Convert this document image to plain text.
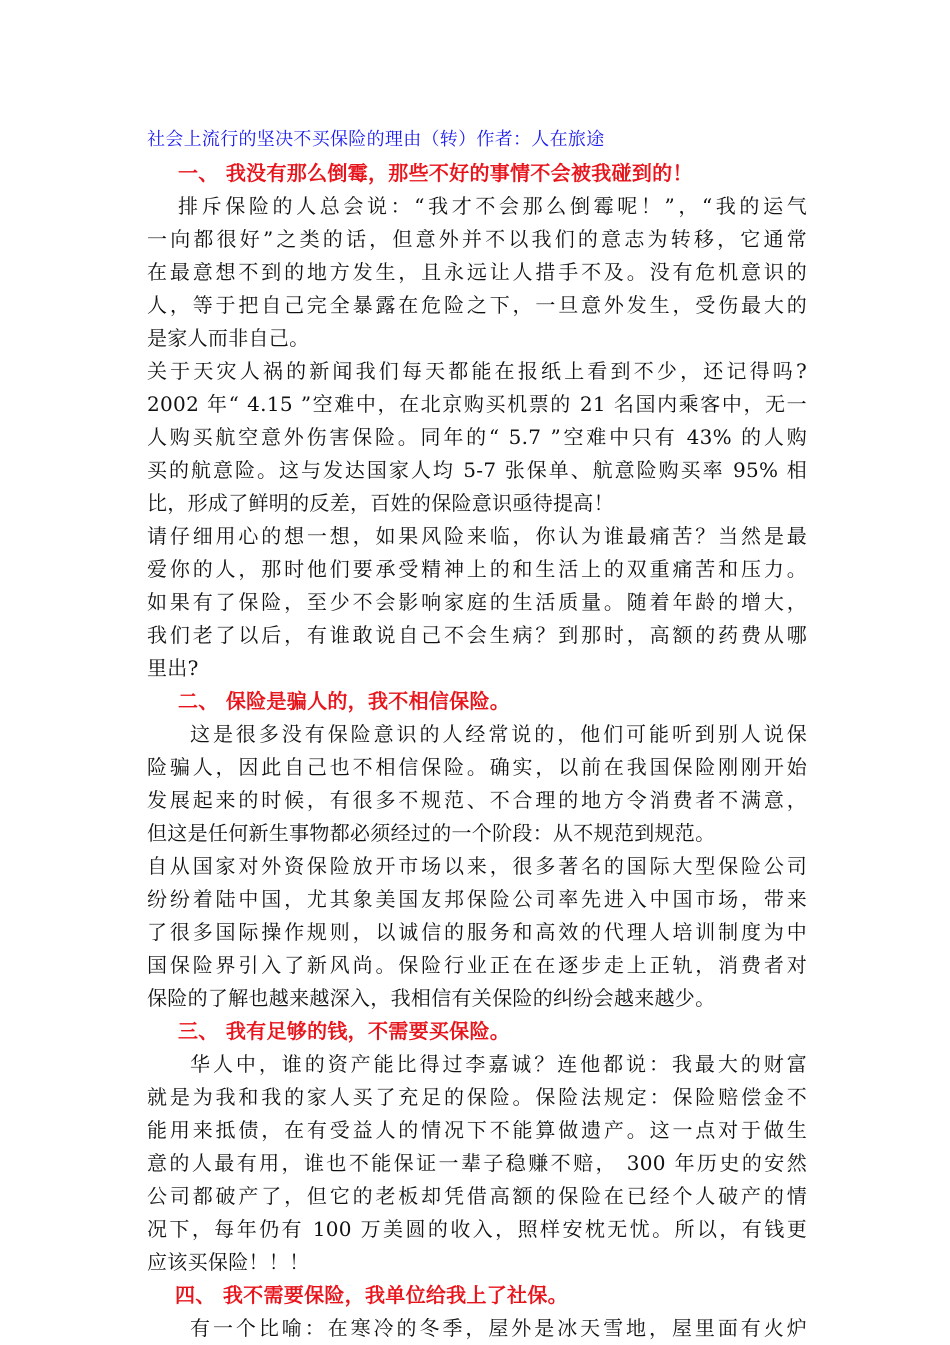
社会上流行的坚决不买保险的理由（转）作者：人在旅途
一、 我没有那么倒霉，那些不好的事情不会被我碰到的！
排斥保险的人总会说：“我才不会那么倒霉呢！”，“我的运气
一向都很好”之类的话，但意外并不以我们的意志为转移，它通常
在最意想不到的地方发生，且永远让人措手不及。没有危机意识的
人，等于把自己完全暴露在危险之下，一旦意外发生，受伤最大的
是家人而非自己。
关于天灾人祸的新闻我们每天都能在报纸上看到不少，还记得吗?
2002 年“ 4.15 ”空难中，在北京购买机票的 21 名国内乘客中，无一
人购买航空意外伤害保险。同年的“ 5.7 ”空难中只有 43% 的人购
买的航意险。这与发达国家人均 5-7 张保单、航意险购买率 95% 相
比，形成了鲜明的反差，百姓的保险意识亟待提高！
请仔细用心的想一想，如果风险来临，你认为谁最痛苦？当然是最
爱你的人，那时他们要承受精神上的和生活上的双重痛苦和压力。
如果有了保险，至少不会影响家庭的生活质量。随着年龄的增大，
我们老了以后，有谁敢说自己不会生病？到那时，高额的药费从哪
里出?
二、 保险是骗人的，我不相信保险。
这是很多没有保险意识的人经常说的，他们可能听到别人说保
险骗人，因此自己也不相信保险。确实，以前在我国保险刚刚开始
发展起来的时候，有很多不规范、不合理的地方令消费者不满意，
但这是任何新生事物都必须经过的一个阶段：从不规范到规范。
自从国家对外资保险放开市场以来，很多著名的国际大型保险公司
纷纷着陆中国，尤其象美国友邦保险公司率先进入中国市场，带来
了很多国际操作规则，以诚信的服务和高效的代理人培训制度为中
国保险界引入了新风尚。保险行业正在在逐步走上正轨，消费者对
保险的了解也越来越深入，我相信有关保险的纠纷会越来越少。
三、 我有足够的钱，不需要买保险。
华人中，谁的资产能比得过李嘉诚？连他都说：我最大的财富
就是为我和我的家人买了充足的保险。保险法规定：保险赔偿金不
能用来抵债，在有受益人的情况下不能算做遗产。这一点对于做生
意的人最有用，谁也不能保证一辈子稳赚不赔， 300 年历史的安然
公司都破产了，但它的老板却凭借高额的保险在已经个人破产的情
况下，每年仍有 100 万美圆的收入，照样安枕无忧。所以，有钱更
应该买保险！！！
四、 我不需要保险，我单位给我上了社保。
有一个比喻：在寒冷的冬季，屋外是冰天雪地，屋里面有火炉
